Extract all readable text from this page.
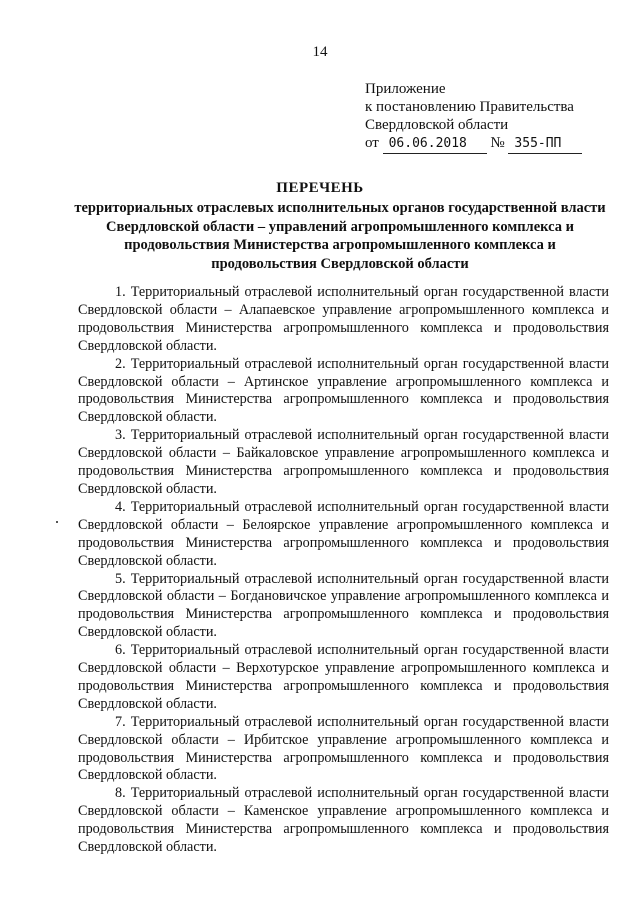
14
Приложение
к постановлению Правительства
Свердловской области
от 06.06.2018 № 355-ПП
ПЕРЕЧЕНЬ
территориальных отраслевых исполнительных органов государственной власти Свердловской области – управлений агропромышленного комплекса и продовольствия Министерства агропромышленного комплекса и продовольствия Свердловской области

1. Территориальный отраслевой исполнительный орган государственной власти Свердловской области – Алапаевское управление агропромышленного комплекса и продовольствия Министерства агропромышленного комплекса и продовольствия Свердловской области.

2. Территориальный отраслевой исполнительный орган государственной власти Свердловской области – Артинское управление агропромышленного комплекса и продовольствия Министерства агропромышленного комплекса и продовольствия Свердловской области.

3. Территориальный отраслевой исполнительный орган государственной власти Свердловской области – Байкаловское управление агропромышленного комплекса и продовольствия Министерства агропромышленного комплекса и продовольствия Свердловской области.

4. Территориальный отраслевой исполнительный орган государственной власти Свердловской области – Белоярское управление агропромышленного комплекса и продовольствия Министерства агропромышленного комплекса и продовольствия Свердловской области.

5. Территориальный отраслевой исполнительный орган государственной власти Свердловской области – Богдановичское управление агропромышленного комплекса и продовольствия Министерства агропромышленного комплекса и продовольствия Свердловской области.

6. Территориальный отраслевой исполнительный орган государственной власти Свердловской области – Верхотурское управление агропромышленного комплекса и продовольствия Министерства агропромышленного комплекса и продовольствия Свердловской области.

7. Территориальный отраслевой исполнительный орган государственной власти Свердловской области – Ирбитское управление агропромышленного комплекса и продовольствия Министерства агропромышленного комплекса и продовольствия Свердловской области.

8. Территориальный отраслевой исполнительный орган государственной власти Свердловской области – Каменское управление агропромышленного комплекса и продовольствия Министерства агропромышленного комплекса и продовольствия Свердловской области.
